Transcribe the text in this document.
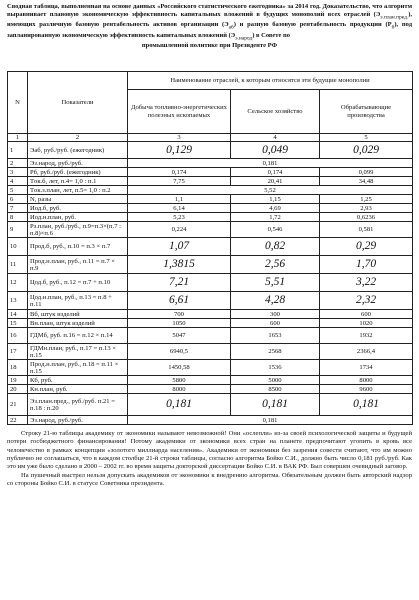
Сводная таблица, выполненная на основе данных «Российского статистического ежегодника» за 2014 год. Доказательство, что алгоритм выравнивает плановую экономическую эффективность капитальных вложений в будущих монополий всех отраслей $(Э_{э.план.пред.})$, имеющих различную базовую рентабельность активов организации $(Э_{аб})$ и разную базовую рентабельность продукции $(Р_б)$, под запланированную экономическую эффективность капитальных вложений $(Э_{э.народ})$ в Совете по
промышленной политике при Президенте РФ
N	Показатели	Наименование отраслей, к которым относятся эти будущие монополии		
		Добыча топливно-энергетических полезных ископаемых	Сельское хозяйство	Обрабатывающие производства
1	2	3	4	5
1	Эаб, руб./руб. (ежегодник)	0,129	0,049	0,029
2	Эз.народ, руб./руб.	0,181		
3	Рб, руб./руб. (ежегодник)	0,174	0,174	0,099
4	Tок.б, лет, п.4= 1,0 : п.1	7,75	20,41	34,48
5	Tок.з.план, лет, п.5= 1,0 : п.2	5,52		
6	N, разы	1,1	1,15	1,25
7	Иод.б, руб.	6,14	4,69	2,93
8	Иод.н.план, руб.	5,23	1,72	0,6236
9	Рз.план, руб./руб., п.9=п.3×(п.7 : п.8)×п.6	0,224	0,546	0,581
10	Прод.б, руб., п.10 = п.3 × п.7	1,07	0,82	0,29
11	Прод.н.план, руб., п.11 = п.7 × п.9	1,3815	2,56	1,70
12	Цод.б, руб., п.12 = п.7 + п.10	7,21	5,51	3,22
13	Цод.н.план, руб., п.13 = п.8 + п.11	6,61	4,28	2,32
14	Вб, штук изделий	700	300	600
15	Вн.план, штук изделий	1050	600	1020
16	ГДМб, руб. п.16 = п.12 × п.14	5047	1653	1932
17	ГДМн.план, руб., п.17 = п.13 × п.15	6940,5	2568	2366,4
18	Прод.н.план, руб., п.18 = п.11 × п.15	1450,58	1536	1734
19	Кб, руб.	5800	5000	8000
20	Кн.план, руб.	8000	8500	9600
21	Эз.план.пред., руб./руб. п.21 = п.18 : п.20	0,181	0,181	0,181
22	Эз.народ, руб./руб.	0,181		

Строку 21-ю таблицы академику от экономики называют невозможной! Они «ослепли» из-за своей психологической защиты и будущей потери госбюджетного финансирования! Потому академики от экономики всех стран на планете предпочитают угопить в кровь все человечество в рамках концепции «золотого миллиарда населения». Академики от экономики без зазрения совести считают, что им можно публично не соглашаться, что в каждом столбце 21-й строки таблицы, согласно алгоритма Бойко С.И., должно быть число 0,181 руб./руб. Как это им уже было сделано в 2000 – 2002 гг. во время защиты докторской диссертации Бойко С.И. в ВАК РФ. Был совершен очевидный заговор.

На пушечный выстрел нельзя допускать академиков от экономики к внедрению алгоритма. Обязательным должен быть авторский надзор со стороны Бойко С.И. в статусе Советника президента.
